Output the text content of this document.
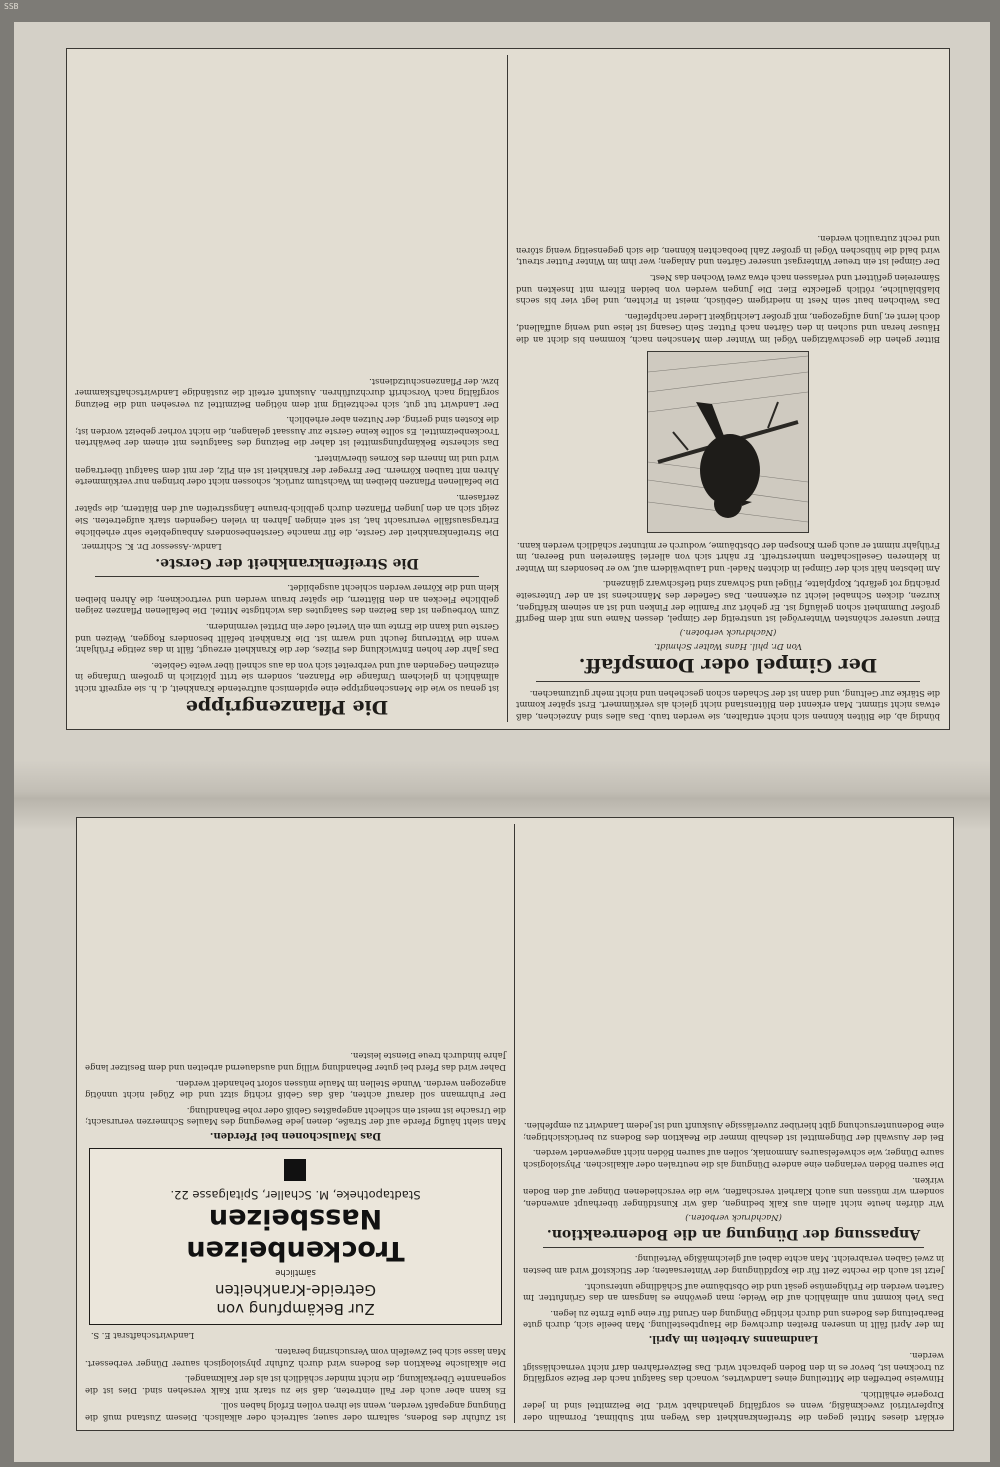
SSB

bündig ab, die Blüten können sich nicht entfalten, sie werden taub. Das alles sind Anzeichen, daß etwas nicht stimmt. Man erkennt den Blütenstand nicht gleich als verkümmert. Erst später kommt die Stärke zur Geltung, und dann ist der Schaden schon geschehen und nicht mehr gutzumachen.

Der Gimpel oder Domspfaff.
Von Dr. phil. Hans Walter Schmidt.
(Nachdruck verboten.)

Einer unserer schönsten Wintervögel ist unstreitig der Gimpel, dessen Name uns mit dem Begriff großer Dummheit schon geläufig ist. Er gehört zur Familie der Finken und ist an seinem kräftigen, kurzen, dicken Schnabel leicht zu erkennen. Das Gefieder des Männchens ist an der Unterseite prächtig rot gefärbt, Kopfplatte, Flügel und Schwanz sind tiefschwarz glänzend.

Am liebsten hält sich der Gimpel in dichten Nadel- und Laubwäldern auf, wo er besonders im Winter in kleineren Gesellschaften umherstreift. Er nährt sich von allerlei Sämereien und Beeren, im Frühjahr nimmt er auch gern Knospen der Obstbäume, wodurch er mitunter schädlich werden kann.

Bitter gehen die geschwätzigen Vögel im Winter dem Menschen nach, kommen bis dicht an die Häuser heran und suchen in den Gärten nach Futter. Sein Gesang ist leise und wenig auffallend, doch lernt er, jung aufgezogen, mit großer Leichtigkeit Lieder nachpfeifen.

Das Weibchen baut sein Nest in niedrigem Gebüsch, meist in Fichten, und legt vier bis sechs blaßbläuliche, rötlich gefleckte Eier. Die Jungen werden von beiden Eltern mit Insekten und Sämereien gefüttert und verlassen nach etwa zwei Wochen das Nest.

Der Gimpel ist ein treuer Wintergast unserer Gärten und Anlagen; wer ihm im Winter Futter streut, wird bald die hübschen Vögel in großer Zahl beobachten können, die sich gegenseitig wenig stören und recht zutraulich werden.

Die Pflanzengrippe

ist genau so wie die Menschengrippe eine epidemisch auftretende Krankheit, d. h. sie ergreift nicht allmählich in gleichem Umfange die Pflanzen, sondern sie tritt plötzlich in großem Umfange in einzelnen Gegenden auf und verbreitet sich von da aus schnell über weite Gebiete.

Das Jahr der hohen Entwicklung des Pilzes, der die Krankheit erzeugt, fällt in das zeitige Frühjahr, wenn die Witterung feucht und warm ist. Die Krankheit befällt besonders Roggen, Weizen und Gerste und kann die Ernte um ein Viertel oder ein Drittel vermindern.

Zum Vorbeugen ist das Beizen des Saatgutes das wichtigste Mittel. Die befallenen Pflanzen zeigen gelbliche Flecken an den Blättern, die später braun werden und vertrocknen; die Ähren bleiben klein und die Körner werden schlecht ausgebildet.

Die Streifenkrankheit der Gerste.
Landw.-Assessor Dr. K. Schirmer.

Die Streifenkrankheit der Gerste, die für manche Gerstenbesonders Anbaugebiete sehr erhebliche Ertragsausfälle verursacht hat, ist seit einigen Jahren in vielen Gegenden stark aufgetreten. Sie zeigt sich an den jungen Pflanzen durch gelblich-braune Längsstreifen auf den Blättern, die später zerfasern.

Die befallenen Pflanzen bleiben im Wachstum zurück, schossen nicht oder bringen nur verkümmerte Ähren mit tauben Körnern. Der Erreger der Krankheit ist ein Pilz, der mit dem Saatgut übertragen wird und im Innern des Kornes überwintert.

Das sicherste Bekämpfungsmittel ist daher die Beizung des Saatgutes mit einem der bewährten Trockenbeizmittel. Es sollte keine Gerste zur Aussaat gelangen, die nicht vorher gebeizt worden ist; die Kosten sind gering, der Nutzen aber erheblich.

Der Landwirt tut gut, sich rechtzeitig mit dem nötigen Beizmittel zu versehen und die Beizung sorgfältig nach Vorschrift durchzuführen. Auskunft erteilt die zuständige Landwirtschaftskammer bzw. der Pflanzenschutzdienst.

erklärt dieses Mittel gegen die Streifenkrankheit das Wegen mit Sublimat, Formalin oder Kupfervitriol zweckmäßig, wenn es sorgfältig gehandhabt wird. Die Beizmittel sind in jeder Drogerie erhältlich.

Hinweise betreffen die Mitteilung eines Landwirtes, wonach das Saatgut nach der Beize sorgfältig zu trocknen ist, bevor es in den Boden gebracht wird. Das Beizverfahren darf nicht vernachlässigt werden.

Landmanns Arbeiten im April.

Im der April fällt in unseren Breiten durchweg die Hauptbestellung. Man beeile sich, durch gute Bearbeitung des Bodens und durch richtige Düngung den Grund für eine gute Ernte zu legen.

Das Vieh kommt nun allmählich auf die Weide; man gewöhne es langsam an das Grünfutter. Im Garten werden die Frühgemüse gesät und die Obstbäume auf Schädlinge untersucht.

Jetzt ist auch die rechte Zeit für die Kopfdüngung der Wintersaaten; der Stickstoff wird am besten in zwei Gaben verabreicht. Man achte dabei auf gleichmäßige Verteilung.

Anpassung der Düngung an die Bodenreaktion.
(Nachdruck verboten.)

Wir dürfen heute nicht allein aus Kalk bedingen, daß wir Kunstdünger überhaupt anwenden, sondern wir müssen uns auch Klarheit verschaffen, wie die verschiedenen Dünger auf den Boden wirken.

Die sauren Böden verlangen eine andere Düngung als die neutralen oder alkalischen. Physiologisch saure Dünger, wie schwefelsaures Ammoniak, sollen auf sauren Böden nicht angewendet werden.

Bei der Auswahl der Düngemittel ist deshalb immer die Reaktion des Bodens zu berücksichtigen; eine Bodenuntersuchung gibt hierüber zuverlässige Auskunft und ist jedem Landwirt zu empfehlen.

ist Zufuhr des Bodens, saltarm oder sauer, saltreich oder alkalisch. Diesem Zustand muß die Düngung angepaßt werden, wenn sie ihren vollen Erfolg haben soll.

Es kann aber auch der Fall eintreten, daß sie zu stark mit Kalk versehen sind. Dies ist die sogenannte Überkalkung, die nicht minder schädlich ist als der Kalkmangel.

Die alkalische Reaktion des Bodens wird durch Zufuhr physiologisch saurer Dünger verbessert. Man lasse sich bei Zweifeln vom Versuchsring beraten.

Landwirtschaftsrat E. S.
Zur Bekämpfung von
Getreide-Krankheiten
sämtliche
Trockenbeizen
Nassbeizen
Stadtapotheke, M. Schaller, Spitalgasse 22.
Das Maulschonen bei Pferden.

Man sieht häufig Pferde auf der Straße, denen jede Bewegung des Maules Schmerzen verursacht; die Ursache ist meist ein schlecht angepaßtes Gebiß oder rohe Behandlung.

Der Fuhrmann soll darauf achten, daß das Gebiß richtig sitzt und die Zügel nicht unnötig angezogen werden. Wunde Stellen im Maule müssen sofort behandelt werden.

Daher wird das Pferd bei guter Behandlung willig und ausdauernd arbeiten und dem Besitzer lange Jahre hindurch treue Dienste leisten.
